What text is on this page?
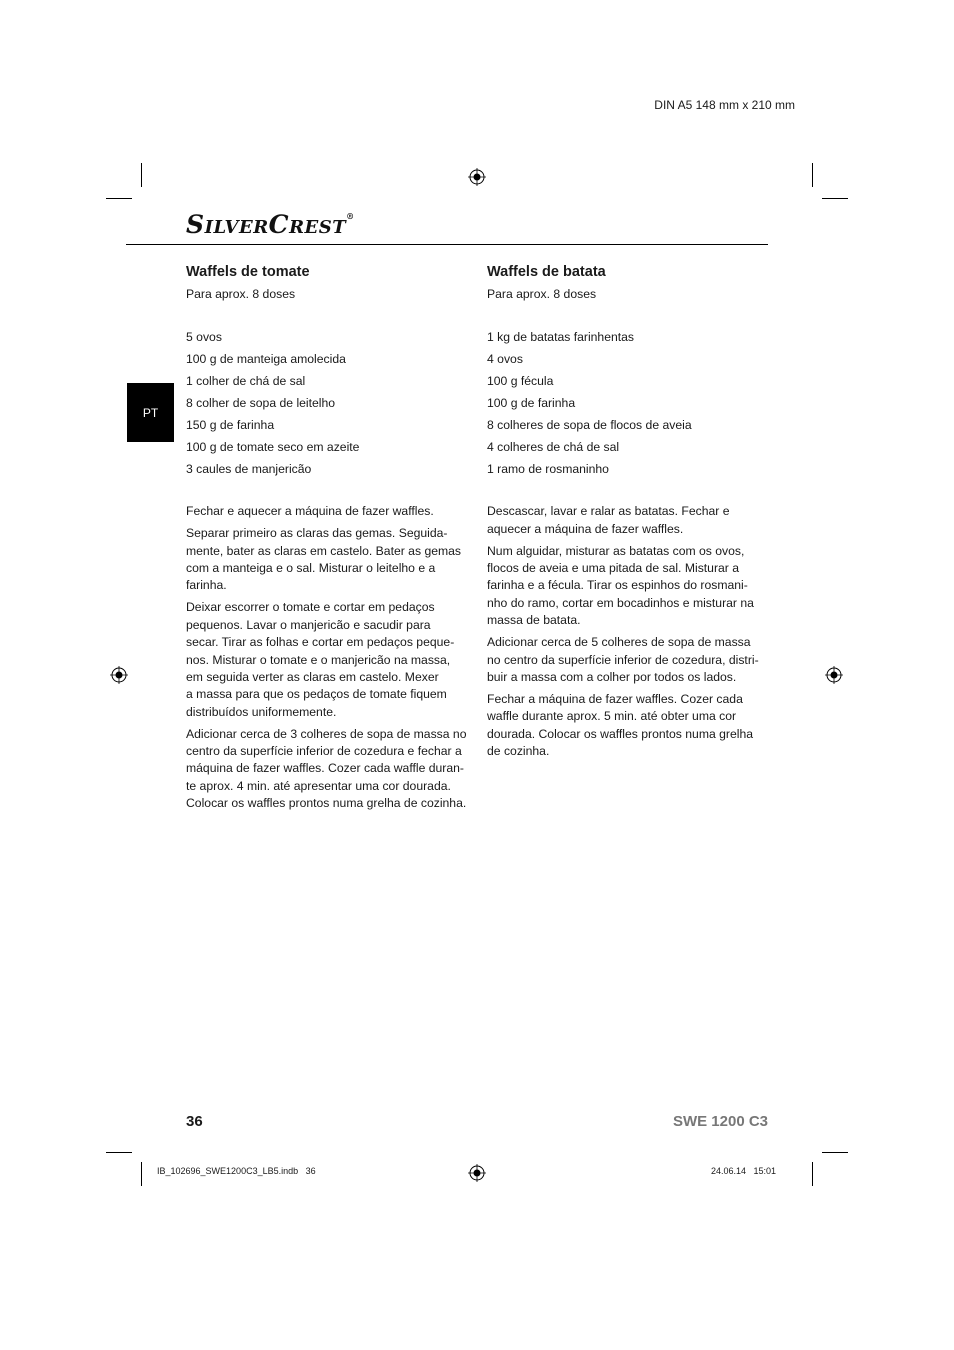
DIN A5 148 mm x 210 mm
SILVERCREST®
PT
Waffels de tomate
Para aprox. 8 doses
5 ovos
100 g de manteiga amolecida
1 colher de chá de sal
8 colher de sopa de leitelho
150 g de farinha
100 g de tomate seco em azeite
3 caules de manjericão

Fechar e aquecer a máquina de fazer waffles.

Separar primeiro as claras das gemas. Seguida-
mente, bater as claras em castelo. Bater as gemas
com a manteiga e o sal. Misturar o leitelho e a
farinha.

Deixar escorrer o tomate e cortar em pedaços
pequenos. Lavar o manjericão e sacudir para
secar. Tirar as folhas e cortar em pedaços peque-
nos. Misturar o tomate e o manjericão na massa,
em seguida verter as claras em castelo. Mexer
a massa para que os pedaços de tomate fiquem
distribuídos uniformemente.

Adicionar cerca de 3 colheres de sopa de massa no
centro da superfície inferior de cozedura e fechar a
máquina de fazer waffles. Cozer cada waffle duran-
te aprox. 4 min. até apresentar uma cor dourada.
Colocar os waffles prontos numa grelha de cozinha.

Waffels de batata
Para aprox. 8 doses
1 kg de batatas farinhentas
4 ovos
100 g fécula
100 g de farinha
8 colheres de sopa de flocos de aveia
4 colheres de chá de sal
1 ramo de rosmaninho

Descascar, lavar e ralar as batatas. Fechar e
aquecer a máquina de fazer waffles.

Num alguidar, misturar as batatas com os ovos,
flocos de aveia e uma pitada de sal. Misturar a
farinha e a fécula. Tirar os espinhos do rosmani-
nho do ramo, cortar em bocadinhos e misturar na
massa de batata.

Adicionar cerca de 5 colheres de sopa de massa
no centro da superfície inferior de cozedura, distri-
buir a massa com a colher por todos os lados.

Fechar a máquina de fazer waffles. Cozer cada
waffle durante aprox. 5 min. até obter uma cor
dourada. Colocar os waffles prontos numa grelha
de cozinha.

36	SWE 1200 C3
IB_102696_SWE1200C3_LB5.indb   36	24.06.14   15:01
